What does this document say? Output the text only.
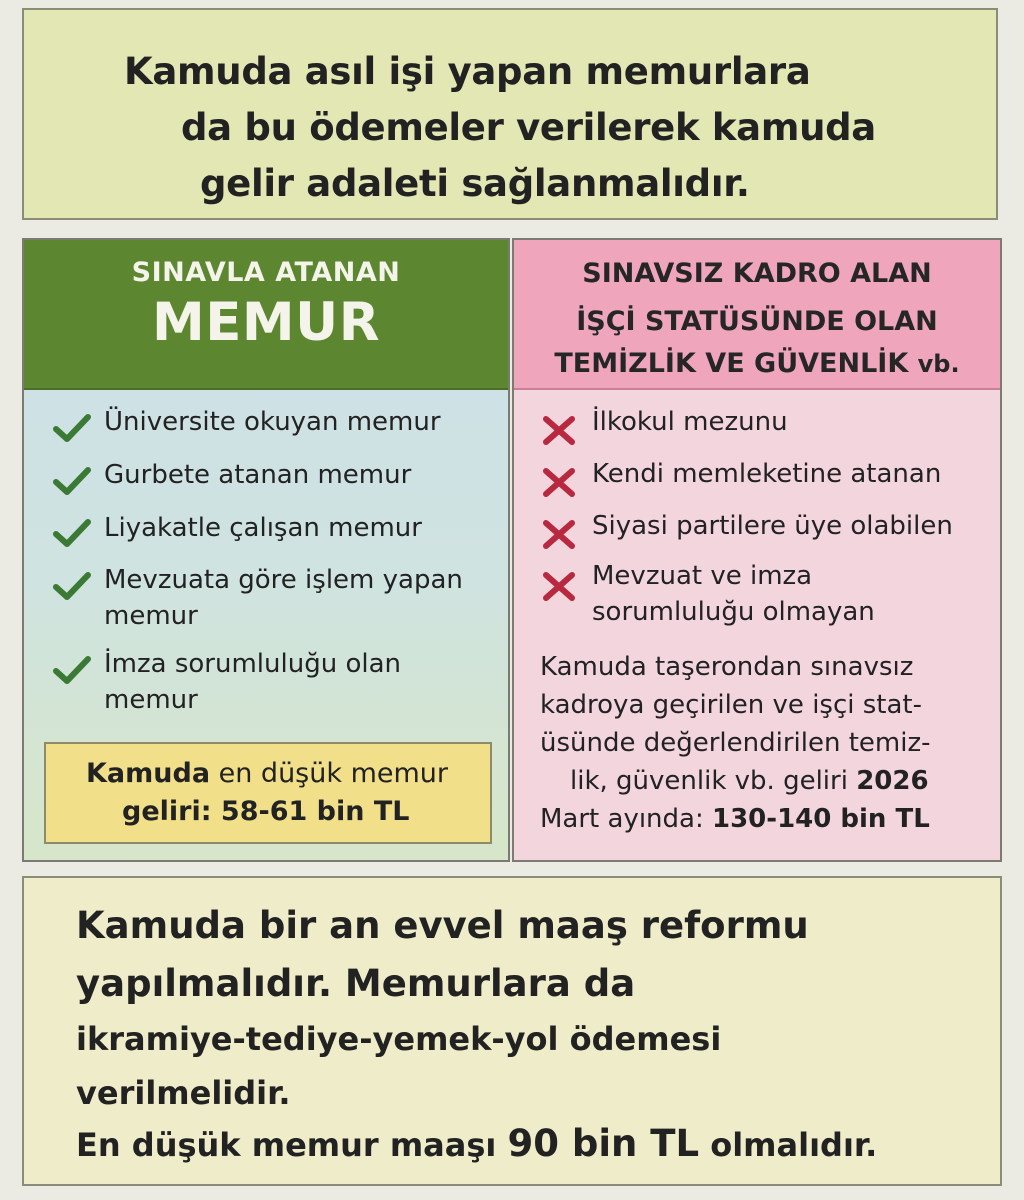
Kamuda asıl işi yapan memurlara
da bu ödemeler verilerek kamuda
gelir adaleti sağlanmalıdır.
SINAVLA ATANAN
MEMUR
Üniversite okuyan memur
Gurbete atanan memur
Liyakatle çalışan memur
Mevzuata göre işlem yapan
memur
İmza sorumluluğu olan
memur
Kamuda en düşük memur
geliri: 58-61 bin TL
SINAVSIZ KADRO ALAN
İŞÇİ STATÜSÜNDE OLAN
TEMİZLİK VE GÜVENLİK vb.
İlkokul mezunu
Kendi memleketine atanan
Siyasi partilere üye olabilen
Mevzuat ve imza
sorumluluğu olmayan
Kamuda taşerondan sınavsız
kadroya geçirilen ve işçi stat-
üsünde değerlendirilen temiz-
lik, güvenlik vb. geliri 2026
Mart ayında: 130-140 bin TL
Kamuda bir an evvel maaş reformu
yapılmalıdır. Memurlara da
ikramiye-tediye-yemek-yol ödemesi
verilmelidir.
En düşük memur maaşı 90 bin TL olmalıdır.
